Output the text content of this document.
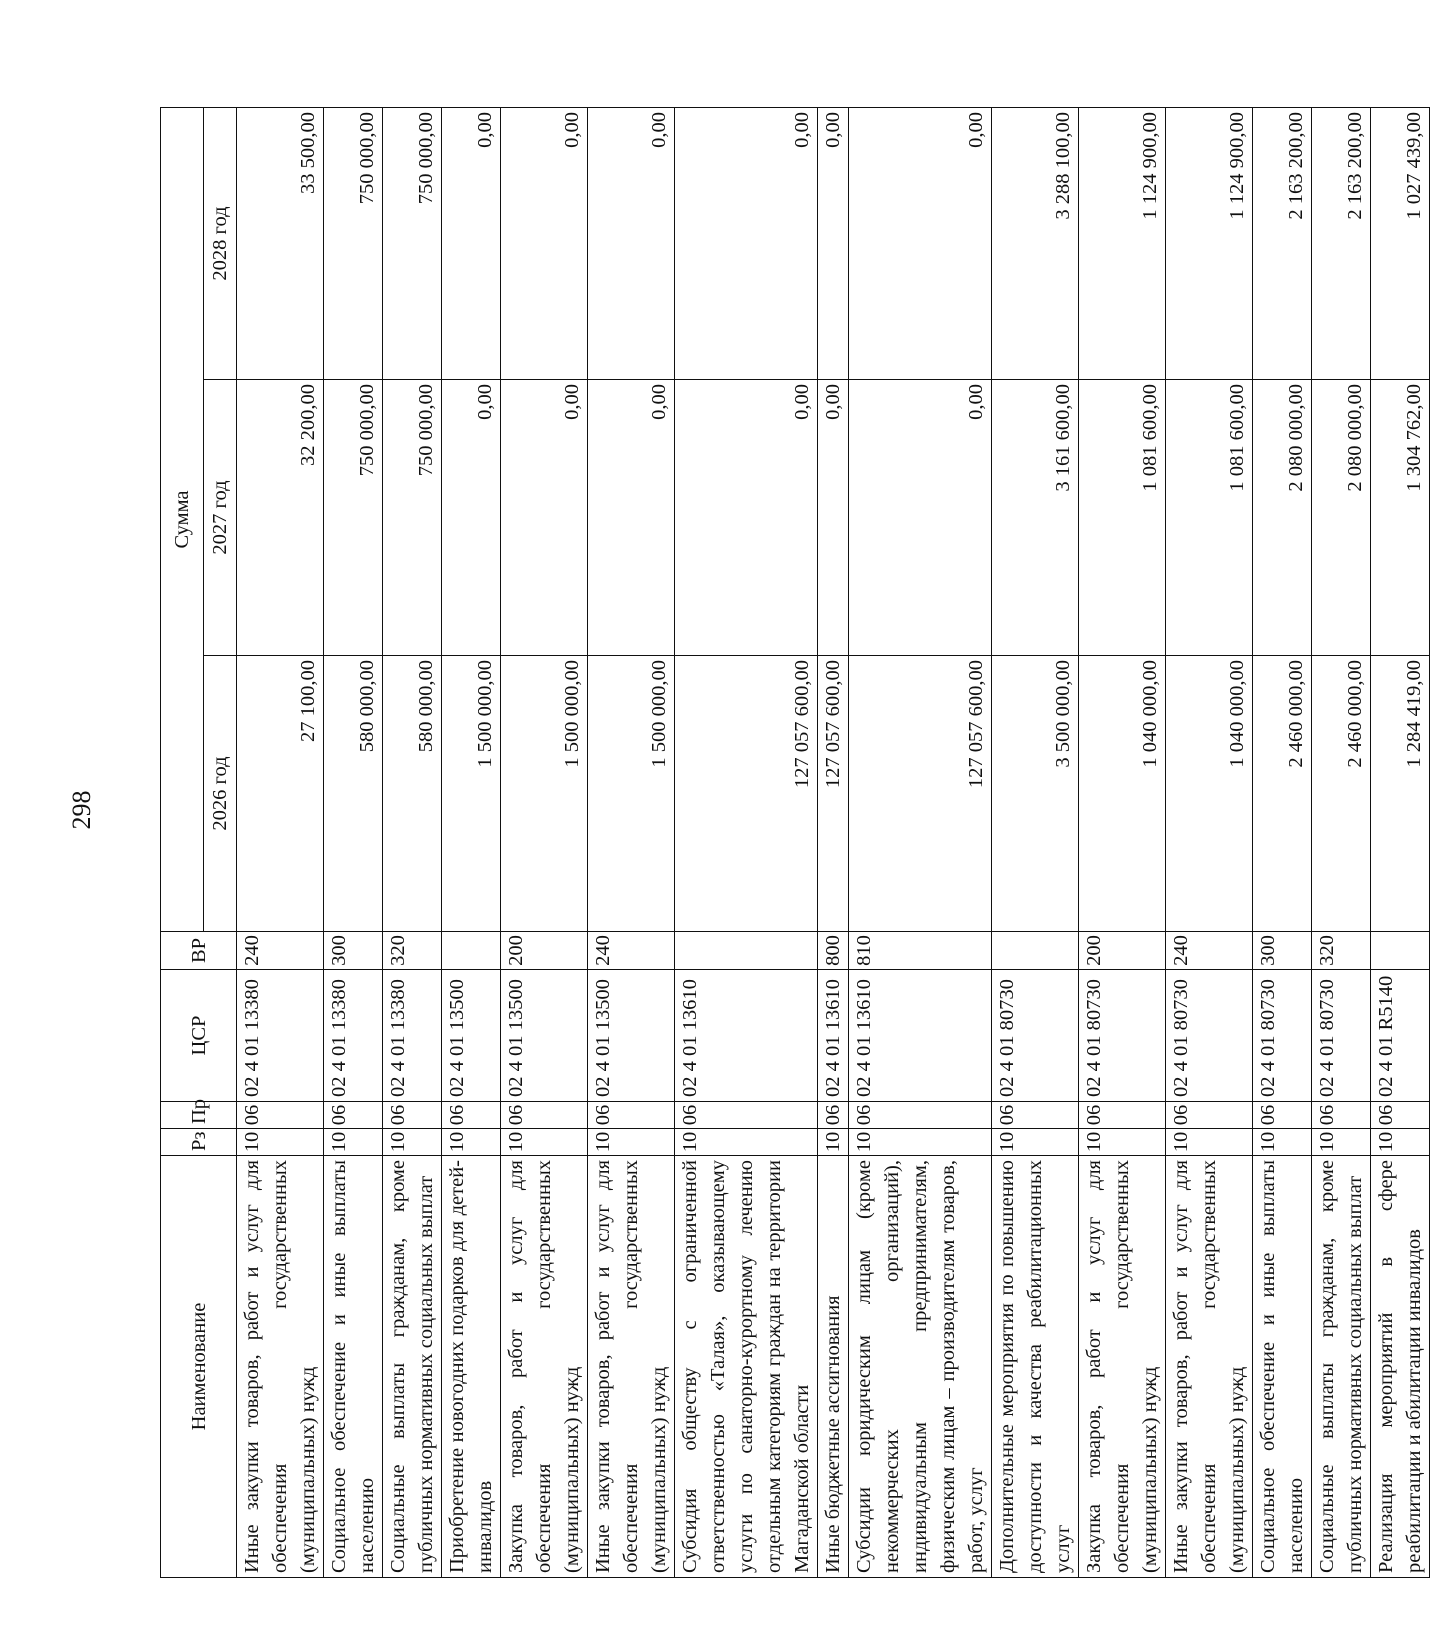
298
Наименование	Рз	Пр	ЦСР	ВР	Сумма		
					2026 год	2027 год	2028 год
Иные закупки товаров, работ и услуг для обеспечения государственных (муниципальных) нужд	10	06	02 4 01 13380	240	27 100,00	32 200,00	33 500,00
Социальное обеспечение и иные выплаты населению	10	06	02 4 01 13380	300	580 000,00	750 000,00	750 000,00
Социальные выплаты гражданам, кроме публичных нормативных социальных выплат	10	06	02 4 01 13380	320	580 000,00	750 000,00	750 000,00
Приобретение новогодних подарков для детей-инвалидов	10	06	02 4 01 13500		1 500 000,00	0,00	0,00
Закупка товаров, работ и услуг для обеспечения государственных (муниципальных) нужд	10	06	02 4 01 13500	200	1 500 000,00	0,00	0,00
Иные закупки товаров, работ и услуг для обеспечения государственных (муниципальных) нужд	10	06	02 4 01 13500	240	1 500 000,00	0,00	0,00
Субсидия обществу с ограниченной ответственностью «Талая», оказывающему услуги по санаторно-курортному лечению отдельным категориям граждан на территории Магаданской области	10	06	02 4 01 13610		127 057 600,00	0,00	0,00
Иные бюджетные ассигнования	10	06	02 4 01 13610	800	127 057 600,00	0,00	0,00
Субсидии юридическим лицам (кроме некоммерческих организаций), индивидуальным предпринимателям, физическим лицам – производителям товаров, работ, услуг	10	06	02 4 01 13610	810	127 057 600,00	0,00	0,00
Дополнительные мероприятия по повышению доступности и качества реабилитационных услуг	10	06	02 4 01 80730		3 500 000,00	3 161 600,00	3 288 100,00
Закупка товаров, работ и услуг для обеспечения государственных (муниципальных) нужд	10	06	02 4 01 80730	200	1 040 000,00	1 081 600,00	1 124 900,00
Иные закупки товаров, работ и услуг для обеспечения государственных (муниципальных) нужд	10	06	02 4 01 80730	240	1 040 000,00	1 081 600,00	1 124 900,00
Социальное обеспечение и иные выплаты населению	10	06	02 4 01 80730	300	2 460 000,00	2 080 000,00	2 163 200,00
Социальные выплаты гражданам, кроме публичных нормативных социальных выплат	10	06	02 4 01 80730	320	2 460 000,00	2 080 000,00	2 163 200,00
Реализация мероприятий в сфере реабилитации и абилитации инвалидов	10	06	02 4 01 R5140		1 284 419,00	1 304 762,00	1 027 439,00
